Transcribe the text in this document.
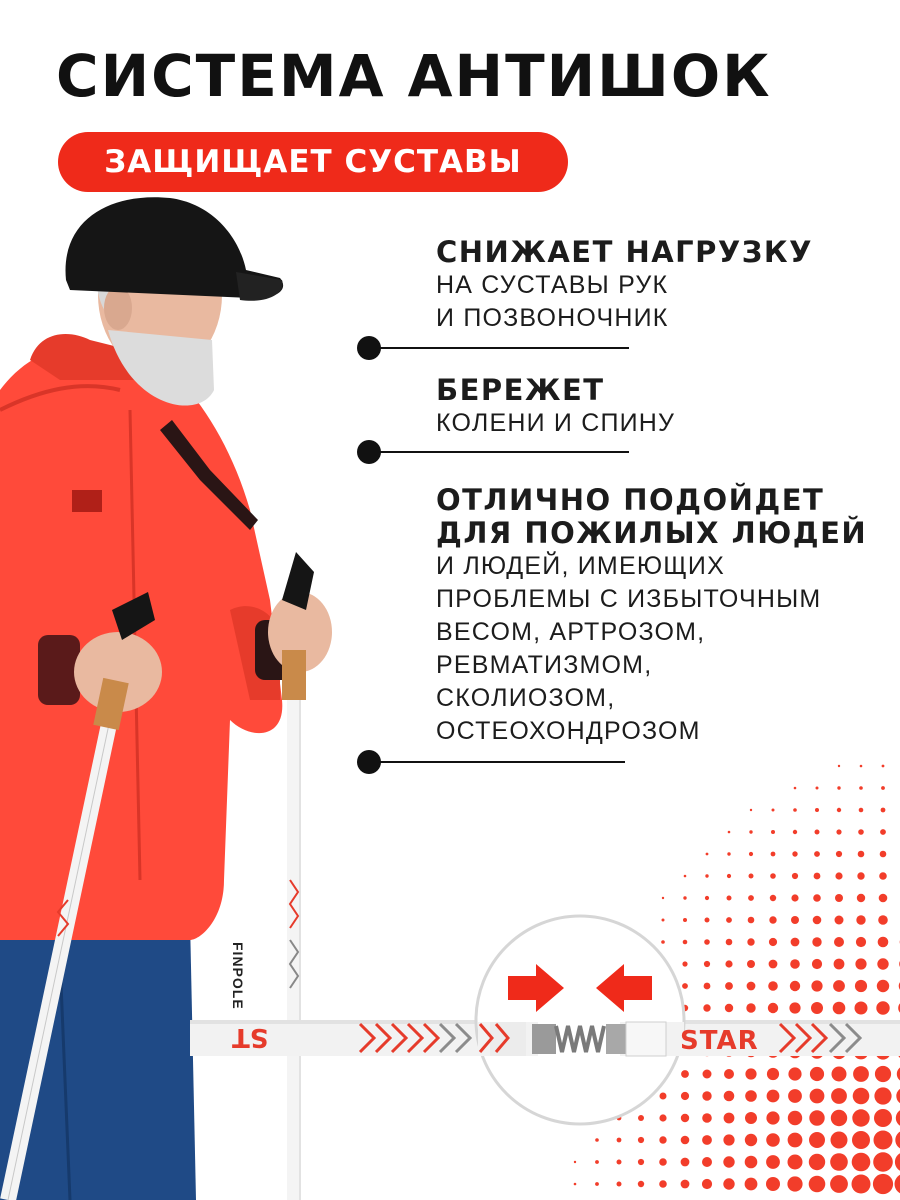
СИСТЕМА АНТИШОК
ЗАЩИЩАЕТ СУСТАВЫ
СНИЖАЕТ НАГРУЗКУ
НА СУСТАВЫ РУК
И ПОЗВОНОЧНИК
БЕРЕЖЕТ
КОЛЕНИ И СПИНУ
ОТЛИЧНО ПОДОЙДЕТ
ДЛЯ ПОЖИЛЫХ ЛЮДЕЙ
И ЛЮДЕЙ, ИМЕЮЩИХ
ПРОБЛЕМЫ С ИЗБЫТОЧНЫМ
ВЕСОМ, АРТРОЗОМ,
РЕВМАТИЗМОМ,
СКОЛИОЗОМ,
ОСТЕОХОНДРОЗОМ
STAR
ST
FINPOLE
